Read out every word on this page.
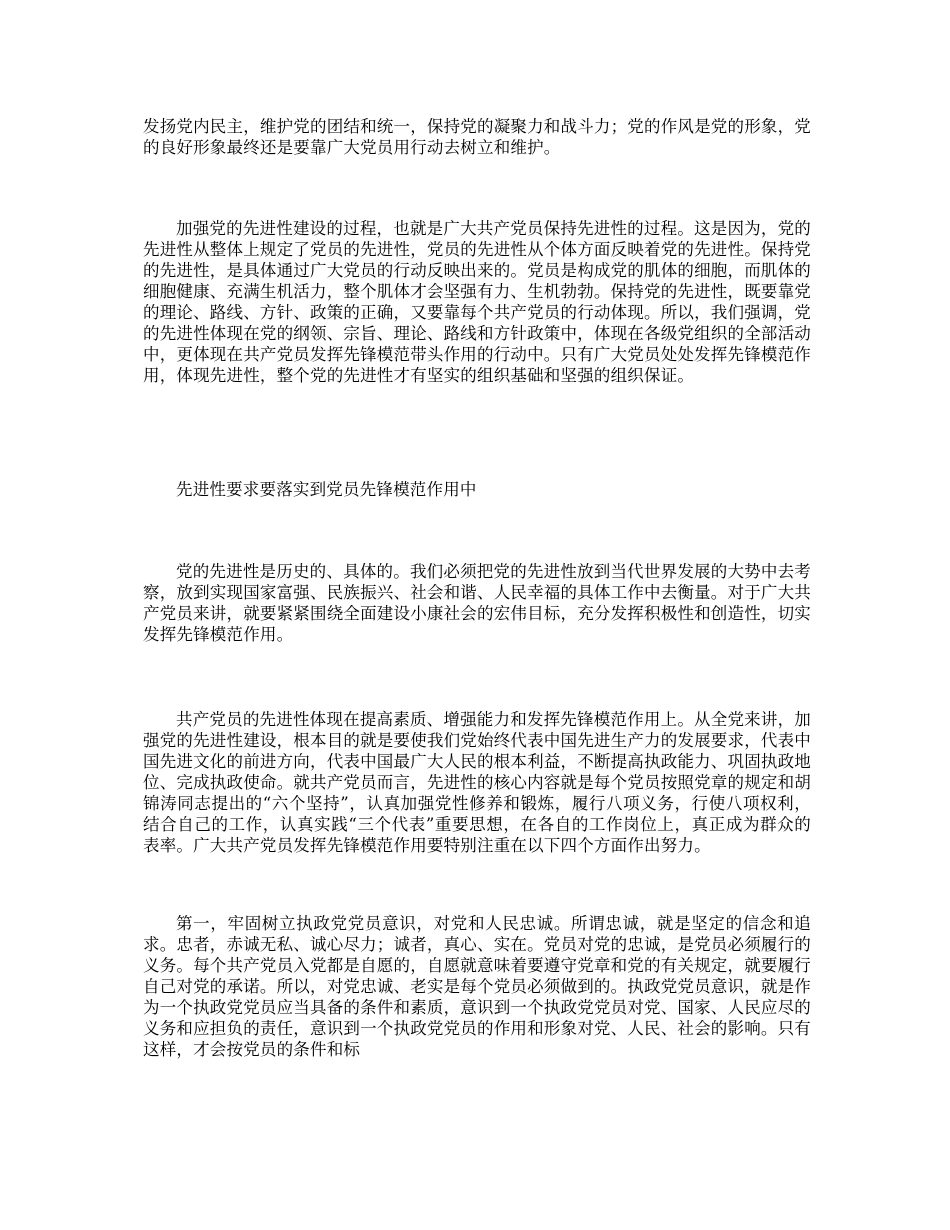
发扬党内民主，维护党的团结和统一，保持党的凝聚力和战斗力；党的作风是党的形象，党的良好形象最终还是要靠广大党员用行动去树立和维护。

加强党的先进性建设的过程，也就是广大共产党员保持先进性的过程。这是因为，党的先进性从整体上规定了党员的先进性，党员的先进性从个体方面反映着党的先进性。保持党的先进性，是具体通过广大党员的行动反映出来的。党员是构成党的肌体的细胞，而肌体的细胞健康、充满生机活力，整个肌体才会坚强有力、生机勃勃。保持党的先进性，既要靠党的理论、路线、方针、政策的正确，又要靠每个共产党员的行动体现。所以，我们强调，党的先进性体现在党的纲领、宗旨、理论、路线和方针政策中，体现在各级党组织的全部活动中，更体现在共产党员发挥先锋模范带头作用的行动中。只有广大党员处处发挥先锋模范作用，体现先进性，整个党的先进性才有坚实的组织基础和坚强的组织保证。

先进性要求要落实到党员先锋模范作用中

党的先进性是历史的、具体的。我们必须把党的先进性放到当代世界发展的大势中去考察，放到实现国家富强、民族振兴、社会和谐、人民幸福的具体工作中去衡量。对于广大共产党员来讲，就要紧紧围绕全面建设小康社会的宏伟目标，充分发挥积极性和创造性，切实发挥先锋模范作用。

共产党员的先进性体现在提高素质、增强能力和发挥先锋模范作用上。从全党来讲，加强党的先进性建设，根本目的就是要使我们党始终代表中国先进生产力的发展要求，代表中国先进文化的前进方向，代表中国最广大人民的根本利益，不断提高执政能力、巩固执政地位、完成执政使命。就共产党员而言，先进性的核心内容就是每个党员按照党章的规定和胡锦涛同志提出的“六个坚持”，认真加强党性修养和锻炼，履行八项义务，行使八项权利，结合自己的工作，认真实践“三个代表”重要思想，在各自的工作岗位上，真正成为群众的表率。广大共产党员发挥先锋模范作用要特别注重在以下四个方面作出努力。

第一，牢固树立执政党党员意识，对党和人民忠诚。所谓忠诚，就是坚定的信念和追求。忠者，赤诚无私、诚心尽力；诚者，真心、实在。党员对党的忠诚，是党员必须履行的义务。每个共产党员入党都是自愿的，自愿就意味着要遵守党章和党的有关规定，就要履行自己对党的承诺。所以，对党忠诚、老实是每个党员必须做到的。执政党党员意识，就是作为一个执政党党员应当具备的条件和素质，意识到一个执政党党员对党、国家、人民应尽的义务和应担负的责任，意识到一个执政党党员的作用和形象对党、人民、社会的影响。只有这样，才会按党员的条件和标
